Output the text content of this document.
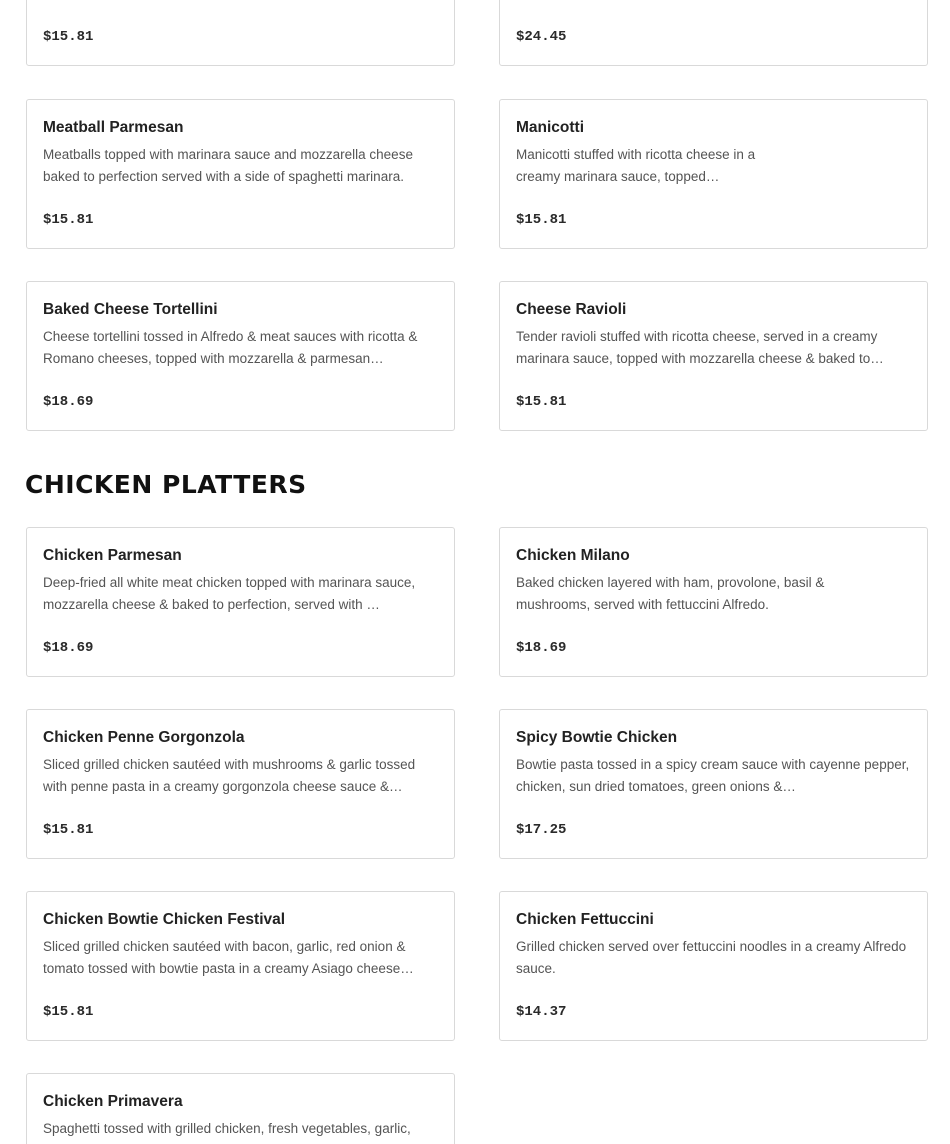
$15.81	$24.45
Meatball Parmesan
Meatballs topped with marinara sauce and mozzarella cheese baked to perfection served with a side of spaghetti marinara.
$15.81
Manicotti
Manicotti stuffed with ricotta cheese in a creamy marinara sauce, topped…
$15.81
Baked Cheese Tortellini
Cheese tortellini tossed in Alfredo & meat sauces with ricotta & Romano cheeses, topped with mozzarella & parmesan…
$18.69
Cheese Ravioli
Tender ravioli stuffed with ricotta cheese, served in a creamy marinara sauce, topped with mozzarella cheese & baked to…
$15.81
CHICKEN PLATTERS
Chicken Parmesan
Deep-fried all white meat chicken topped with marinara sauce, mozzarella cheese & baked to perfection, served with …
$18.69
Chicken Milano
Baked chicken layered with ham, provolone, basil & mushrooms, served with fettuccini Alfredo.
$18.69
Chicken Penne Gorgonzola
Sliced grilled chicken sautéed with mushrooms & garlic tossed with penne pasta in a creamy gorgonzola cheese sauce &…
$15.81
Spicy Bowtie Chicken
Bowtie pasta tossed in a spicy cream sauce with cayenne pepper, chicken, sun dried tomatoes, green onions &…
$17.25
Chicken Bowtie Chicken Festival
Sliced grilled chicken sautéed with bacon, garlic, red onion & tomato tossed with bowtie pasta in a creamy Asiago cheese…
$15.81
Chicken Fettuccini
Grilled chicken served over fettuccini noodles in a creamy Alfredo sauce.
$14.37
Chicken Primavera
Spaghetti tossed with grilled chicken, fresh vegetables, garlic,
